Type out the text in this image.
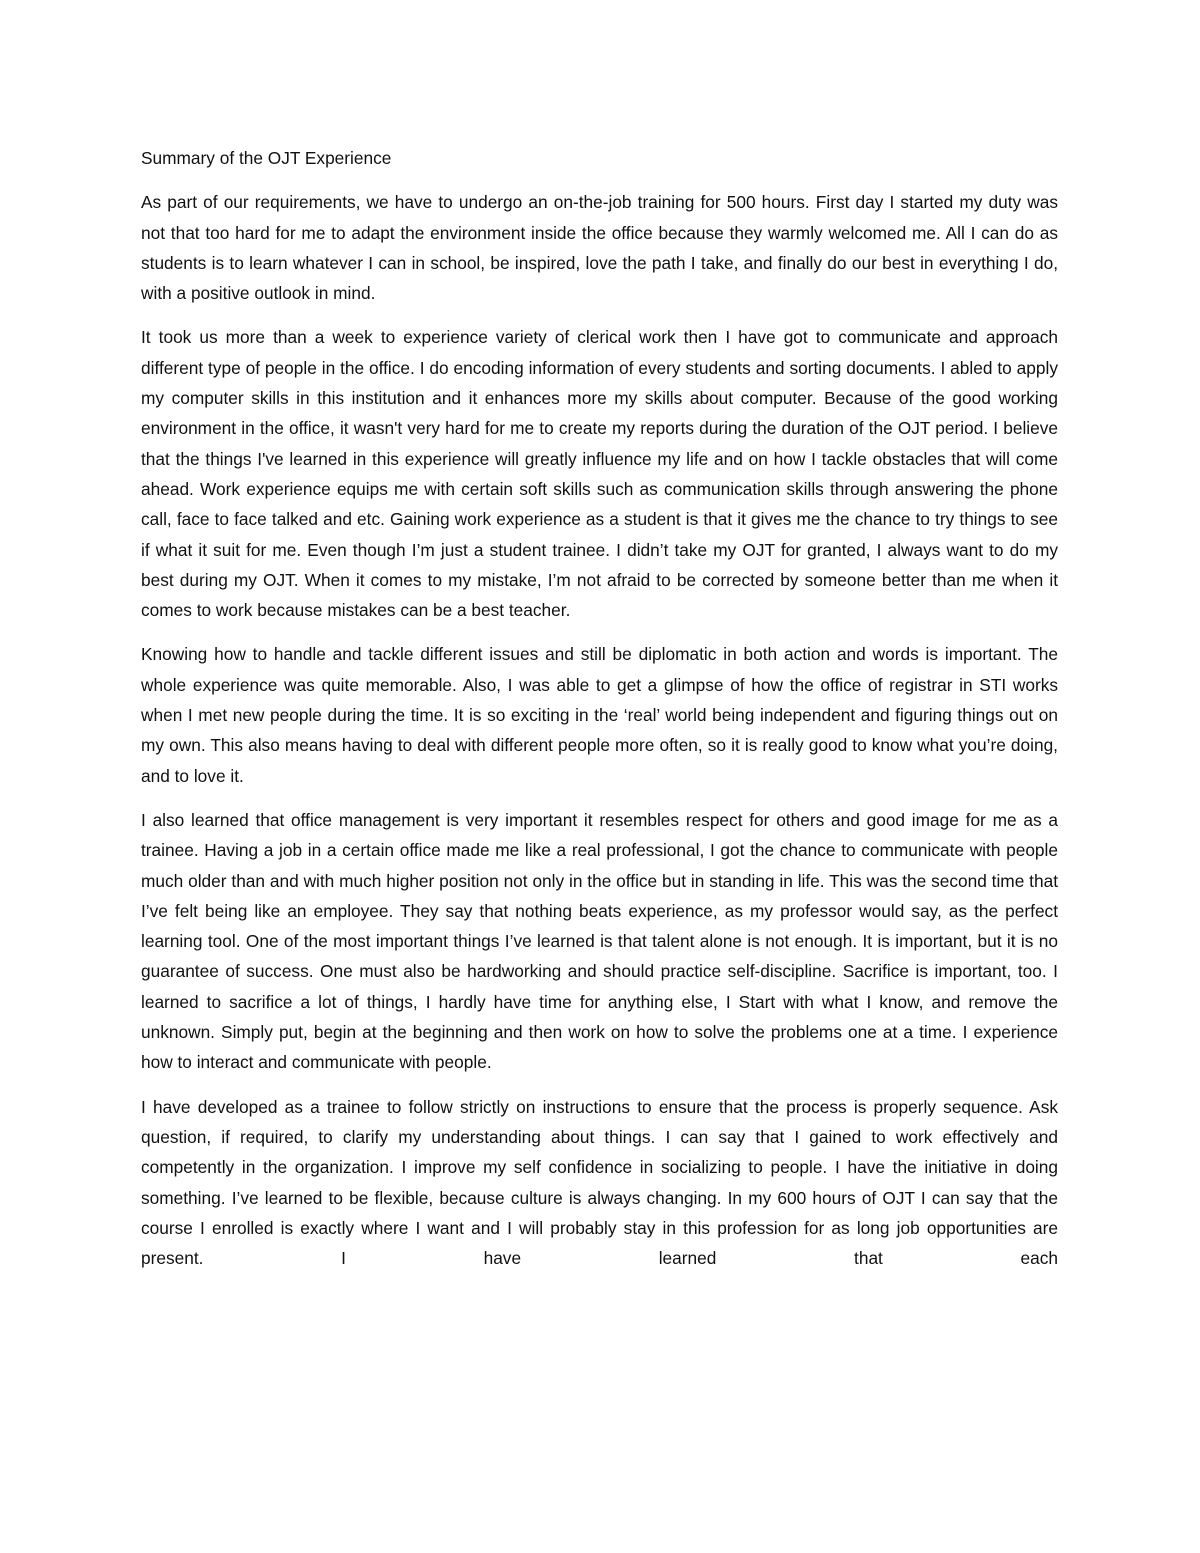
Summary of the OJT Experience

As part of our requirements, we have to undergo an on-the-job training for 500 hours. First day I started my duty was not that too hard for me to adapt the environment inside the office because they warmly welcomed me. All I can do as students is to learn whatever I can in school, be inspired, love the path I take, and finally do our best in everything I do, with a positive outlook in mind.

It took us more than a week to experience variety of clerical work then I have got to communicate and approach different type of people in the office. I do encoding information of every students and sorting documents. I abled to apply my computer skills in this institution and it enhances more my skills about computer. Because of the good working environment in the office, it wasn't very hard for me to create my reports during the duration of the OJT period. I believe that the things I've learned in this experience will greatly influence my life and on how I tackle obstacles that will come ahead. Work experience equips me with certain soft skills such as communication skills through answering the phone call, face to face talked and etc. Gaining work experience as a student is that it gives me the chance to try things to see if what it suit for me. Even though I’m just a student trainee. I didn’t take my OJT for granted, I always want to do my best during my OJT. When it comes to my mistake, I’m not afraid to be corrected by someone better than me when it comes to work because mistakes can be a best teacher.

Knowing how to handle and tackle different issues and still be diplomatic in both action and words is important. The whole experience was quite memorable. Also, I was able to get a glimpse of how the office of registrar in STI works when I met new people during the time. It is so exciting in the ‘real’ world being independent and figuring things out on my own. This also means having to deal with different people more often, so it is really good to know what you’re doing, and to love it.

I also learned that office management is very important it resembles respect for others and good image for me as a trainee. Having a job in a certain office made me like a real professional, I got the chance to communicate with people much older than and with much higher position not only in the office but in standing in life. This was the second time that I’ve felt being like an employee. They say that nothing beats experience, as my professor would say, as the perfect learning tool. One of the most important things I’ve learned is that talent alone is not enough. It is important, but it is no guarantee of success. One must also be hardworking and should practice self-discipline. Sacrifice is important, too. I learned to sacrifice a lot of things, I hardly have time for anything else, I Start with what I know, and remove the unknown. Simply put, begin at the beginning and then work on how to solve the problems one at a time. I experience how to interact and communicate with people.

I have developed as a trainee to follow strictly on instructions to ensure that the process is properly sequence. Ask question, if required, to clarify my understanding about things. I can say that I gained to work effectively and competently in the organization. I improve my self confidence in socializing to people. I have the initiative in doing something. I’ve learned to be flexible, because culture is always changing. In my 600 hours of OJT I can say that the course I enrolled is exactly where I want and I will probably stay in this profession for as long job opportunities are present. I have learned that each
